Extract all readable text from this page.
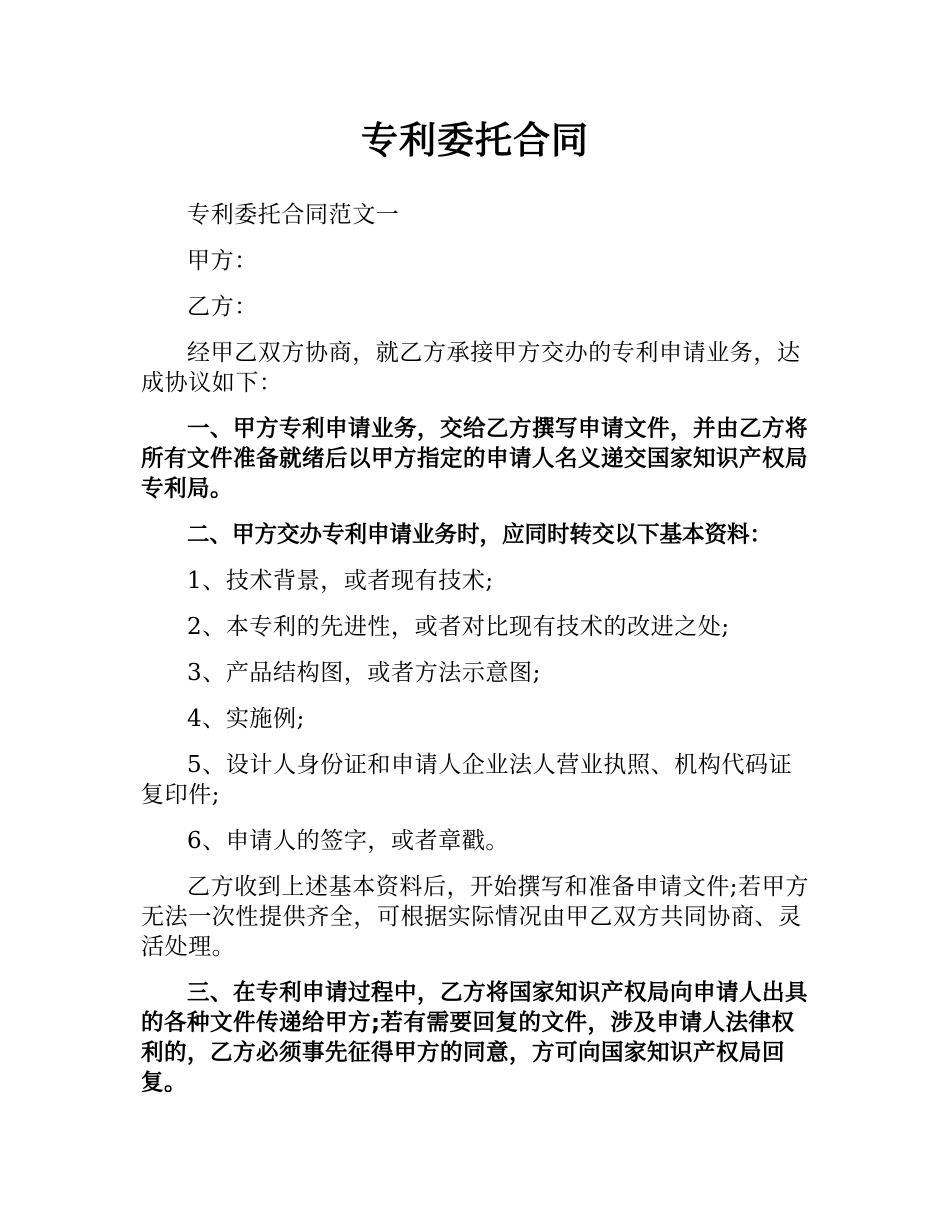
专利委托合同

专利委托合同范文一

甲方：

乙方：

经甲乙双方协商，就乙方承接甲方交办的专利申请业务，达成协议如下：

一、甲方专利申请业务，交给乙方撰写申请文件，并由乙方将所有文件准备就绪后以甲方指定的申请人名义递交国家知识产权局专利局。

二、甲方交办专利申请业务时，应同时转交以下基本资料：

1、技术背景，或者现有技术;

2、本专利的先进性，或者对比现有技术的改进之处;

3、产品结构图，或者方法示意图;

4、实施例;

5、设计人身份证和申请人企业法人营业执照、机构代码证复印件;

6、申请人的签字，或者章戳。

乙方收到上述基本资料后，开始撰写和准备申请文件;若甲方无法一次性提供齐全，可根据实际情况由甲乙双方共同协商、灵活处理。

三、在专利申请过程中，乙方将国家知识产权局向申请人出具的各种文件传递给甲方;若有需要回复的文件，涉及申请人法律权利的，乙方必须事先征得甲方的同意，方可向国家知识产权局回复。
